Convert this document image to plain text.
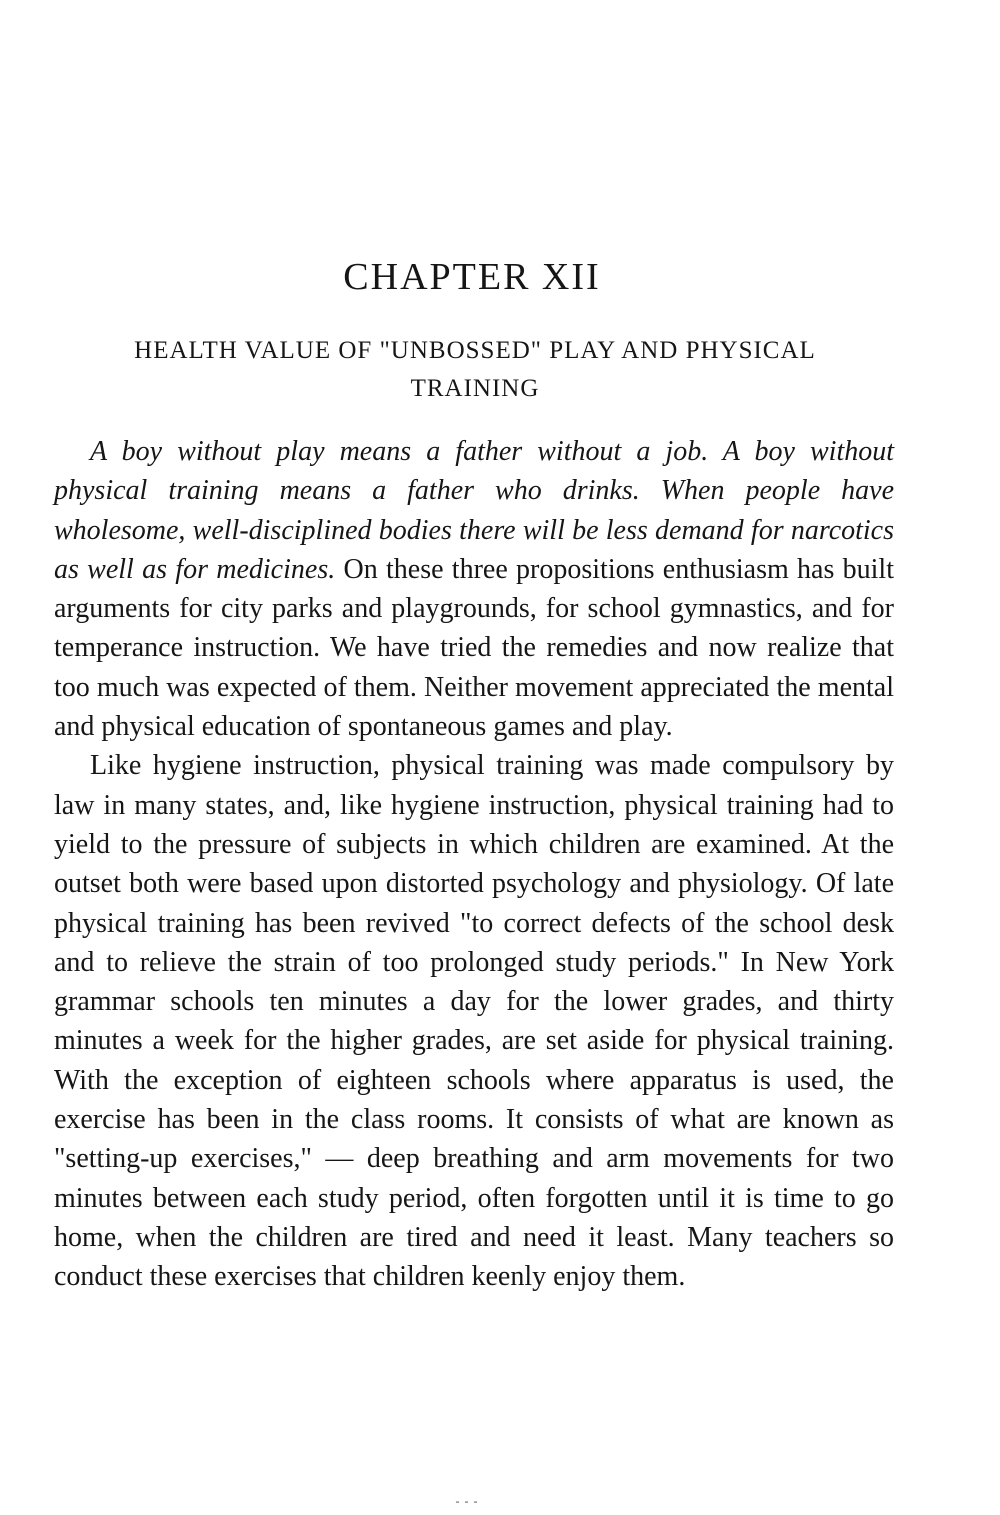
CHAPTER XII
HEALTH VALUE OF "UNBOSSED" PLAY AND PHYSICAL TRAINING

A boy without play means a father without a job. A boy without physical training means a father who drinks. When people have wholesome, well-disciplined bodies there will be less demand for narcotics as well as for medicines. On these three propositions enthusiasm has built arguments for city parks and playgrounds, for school gymnastics, and for temperance instruction. We have tried the remedies and now realize that too much was expected of them. Neither movement appreciated the mental and physical education of spontaneous games and play.

Like hygiene instruction, physical training was made compulsory by law in many states, and, like hygiene instruction, physical training had to yield to the pressure of subjects in which children are examined. At the outset both were based upon distorted psychology and physiology. Of late physical training has been revived "to correct defects of the school desk and to relieve the strain of too prolonged study periods." In New York grammar schools ten minutes a day for the lower grades, and thirty minutes a week for the higher grades, are set aside for physical training. With the exception of eighteen schools where apparatus is used, the exercise has been in the class rooms. It consists of what are known as "setting-up exercises," — deep breathing and arm movements for two minutes between each study period, often forgotten until it is time to go home, when the children are tired and need it least. Many teachers so conduct these exercises that children keenly enjoy them.

- - -
